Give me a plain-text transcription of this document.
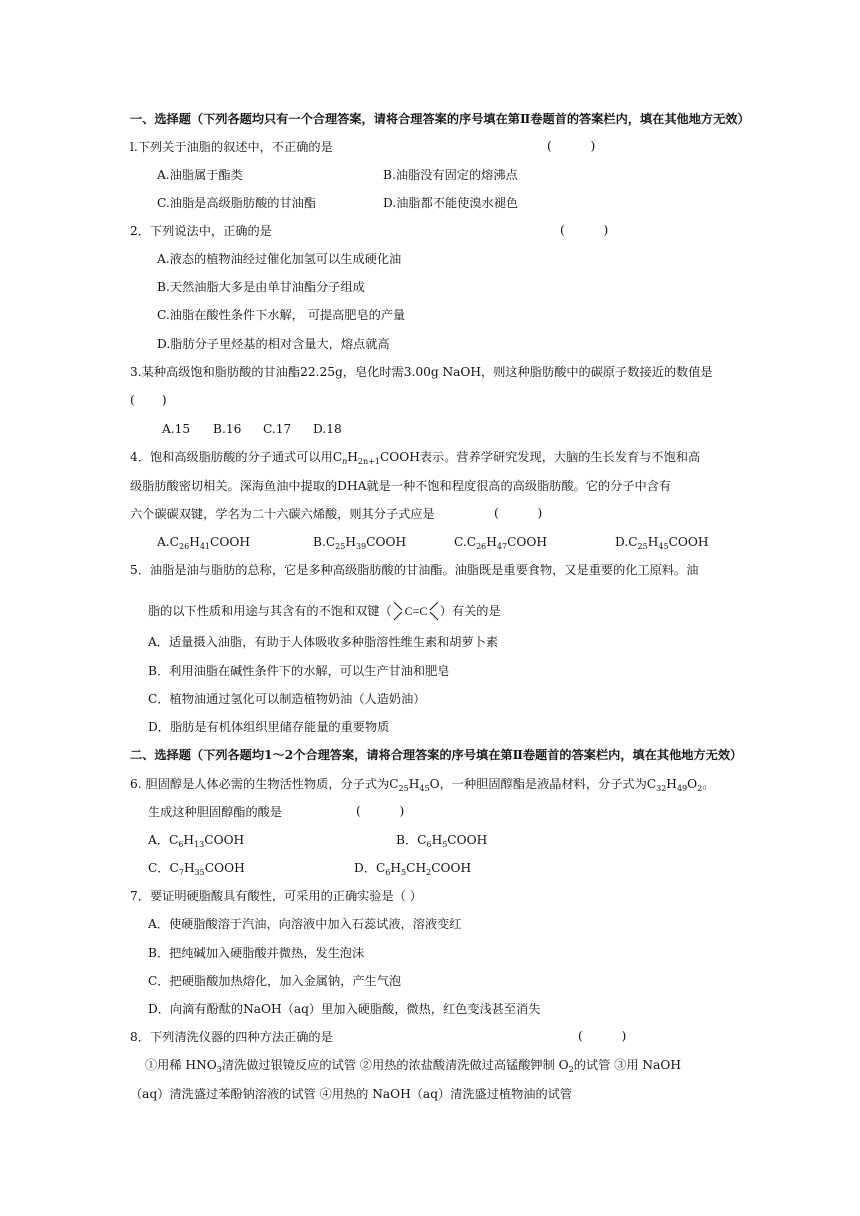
一、选择题（下列各题均只有一个合理答案，请将合理答案的序号填在第Ⅱ卷题首的答案栏内，填在其他地方无效）
l.下列关于油脂的叙述中，不正确的是	(          )
A.油脂属于酯类	B.油脂没有固定的熔沸点
C.油脂是高级脂肪酸的甘油酯	D.油脂都不能使溴水褪色
2．下列说法中，正确的是	(          )
A.液态的植物油经过催化加氢可以生成硬化油
B.天然油脂大多是由单甘油酯分子组成
C.油脂在酸性条件下水解， 可提高肥皂的产量
D.脂肪分子里烃基的相对含量大，熔点就高
3.某种高级饱和脂肪酸的甘油酯22.25g，皂化时需3.00g NaOH，则这种脂肪酸中的碳原子数接近的数值是
(       )
A.15 B.16 C.17 D.18
4．饱和高级脂肪酸的分子通式可以用$C_nH_{2n+1}COOH$表示。营养学研究发现，大脑的生长发育与不饱和高
级脂肪酸密切相关。深海鱼油中提取的DHA就是一种不饱和程度很高的高级脂肪酸。它的分子中含有
六个碳碳双键，学名为二十六碳六烯酸，则其分子式应是	(          )
$A.C_{26}H_{41}COOH$	$B.C_{25}H_{39}COOH$	$C.C_{26}H_{47}COOH$	$D.C_{25}H_{45}COOH$
5．油脂是油与脂肪的总称，它是多种高级脂肪酸的甘油酯。油脂既是重要食物，又是重要的化工原料。油
脂的以下性质和用途与其含有的不饱和双键（ C=C ）有关的是
A．适量摄入油脂，有助于人体吸收多种脂溶性维生素和胡萝卜素
B．利用油脂在碱性条件下的水解，可以生产甘油和肥皂
C．植物油通过氢化可以制造植物奶油（人造奶油）
D．脂肪是有机体组织里储存能量的重要物质
二、选择题（下列各题均1～2个合理答案，请将合理答案的序号填在第Ⅱ卷题首的答案栏内，填在其他地方无效）
6. 胆固醇是人体必需的生物活性物质，分子式为$C_{25}H_{45}O$，一种胆固醇酯是液晶材料，分子式为$C_{32}H_{49}O_2$。
生成这种胆固醇酯的酸是	(          )
A．$C_6H_{13}COOH$	B．$C_6H_5COOH$
C．$C_7H_{35}COOH$	D．$C_6H_5CH_2COOH$
7．要证明硬脂酸具有酸性，可采用的正确实验是（ ）
A．使硬脂酸溶于汽油，向溶液中加入石蕊试液，溶液变红
B．把纯碱加入硬脂酸并微热，发生泡沫
C．把硬脂酸加热熔化，加入金属钠，产生气泡
D．向滴有酚酞的NaOH（aq）里加入硬脂酸，微热，红色变浅甚至消失
8．下列清洗仪器的四种方法正确的是	(          )
①用稀 $HNO_3$清洗做过银镜反应的试管 ②用热的浓盐酸清洗做过高锰酸钾制 $O_2$的试管 ③用 NaOH
（aq）清洗盛过苯酚钠溶液的试管 ④用热的 NaOH（aq）清洗盛过植物油的试管
